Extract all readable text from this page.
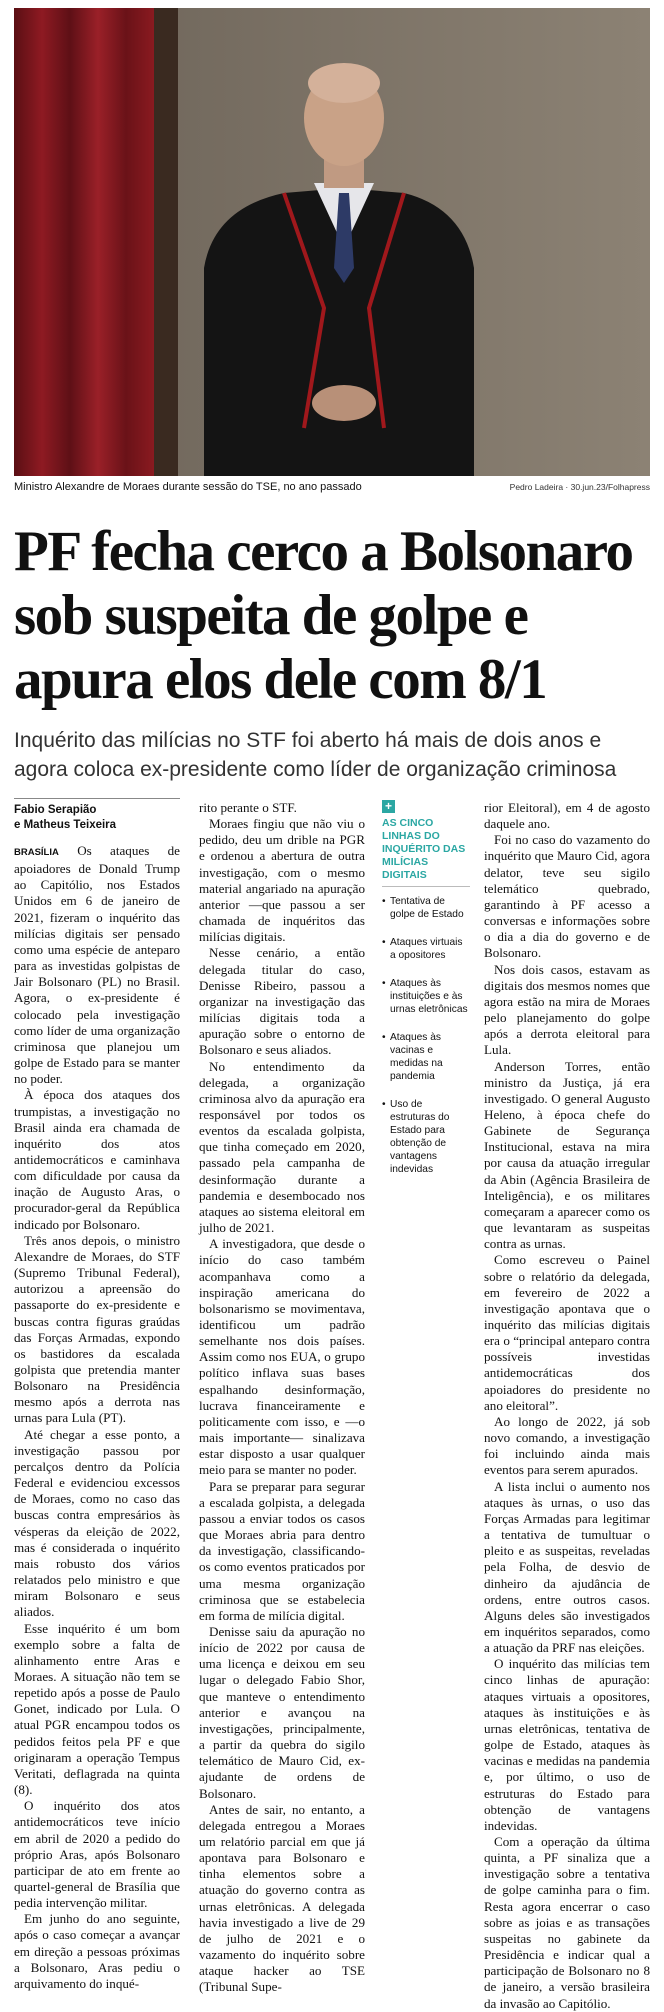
Ministro Alexandre de Moraes durante sessão do TSE, no ano passado	Pedro Ladeira · 30.jun.23/Folhapress
PF fecha cerco a Bolsonaro
sob suspeita de golpe e
apura elos dele com 8/1
Inquérito das milícias no STF foi aberto há mais de dois anos e agora coloca ex-presidente como líder de organização criminosa
Fabio Serapião
e Matheus Teixeira

BRASÍLIA Os ataques de apoiadores de Donald Trump ao Capitólio, nos Estados Unidos em 6 de janeiro de 2021, fizeram o inquérito das milícias digitais ser pensado como uma espécie de anteparo para as investidas golpistas de Jair Bolsonaro (PL) no Brasil. Agora, o ex-presidente é colocado pela investigação como líder de uma organização criminosa que planejou um golpe de Estado para se manter no poder.

À época dos ataques dos trumpistas, a investigação no Brasil ainda era chamada de inquérito dos atos antidemocráticos e caminhava com dificuldade por causa da inação de Augusto Aras, o procurador-geral da República indicado por Bolsonaro.

Três anos depois, o ministro Alexandre de Moraes, do STF (Supremo Tribunal Federal), autorizou a apreensão do passaporte do ex-presidente e buscas contra figuras graúdas das Forças Armadas, expondo os bastidores da escalada golpista que pretendia manter Bolsonaro na Presidência mesmo após a derrota nas urnas para Lula (PT).

Até chegar a esse ponto, a investigação passou por percalços dentro da Polícia Federal e evidenciou excessos de Moraes, como no caso das buscas contra empresários às vésperas da eleição de 2022, mas é considerada o inquérito mais robusto dos vários relatados pelo ministro e que miram Bolsonaro e seus aliados.

Esse inquérito é um bom exemplo sobre a falta de alinhamento entre Aras e Moraes. A situação não tem se repetido após a posse de Paulo Gonet, indicado por Lula. O atual PGR encampou todos os pedidos feitos pela PF e que originaram a operação Tempus Veritati, deflagrada na quinta (8).

O inquérito dos atos antidemocráticos teve início em abril de 2020 a pedido do próprio Aras, após Bolsonaro participar de ato em frente ao quartel-general de Brasília que pedia intervenção militar.

Em junho do ano seguinte, após o caso começar a avançar em direção a pessoas próximas a Bolsonaro, Aras pediu o arquivamento do inqué-

rito perante o STF.

Moraes fingiu que não viu o pedido, deu um drible na PGR e ordenou a abertura de outra investigação, com o mesmo material angariado na apuração anterior —que passou a ser chamada de inquéritos das milícias digitais.

Nesse cenário, a então delegada titular do caso, Denisse Ribeiro, passou a organizar na investigação das milícias digitais toda a apuração sobre o entorno de Bolsonaro e seus aliados.

No entendimento da delegada, a organização criminosa alvo da apuração era responsável por todos os eventos da escalada golpista, que tinha começado em 2020, passado pela campanha de desinformação durante a pandemia e desembocado nos ataques ao sistema eleitoral em julho de 2021.

A investigadora, que desde o início do caso também acompanhava como a inspiração americana do bolsonarismo se movimentava, identificou um padrão semelhante nos dois países. Assim como nos EUA, o grupo político inflava suas bases espalhando desinformação, lucrava financeiramente e politicamente com isso, e —o mais importante— sinalizava estar disposto a usar qualquer meio para se manter no poder.

Para se preparar para segurar a escalada golpista, a delegada passou a enviar todos os casos que Moraes abria para dentro da investigação, classificando-os como eventos praticados por uma mesma organização criminosa que se estabelecia em forma de milícia digital.

Denisse saiu da apuração no início de 2022 por causa de uma licença e deixou em seu lugar o delegado Fabio Shor, que manteve o entendimento anterior e avançou na investigações, principalmente, a partir da quebra do sigilo telemático de Mauro Cid, ex-ajudante de ordens de Bolsonaro.

Antes de sair, no entanto, a delegada entregou a Moraes um relatório parcial em que já apontava para Bolsonaro e tinha elementos sobre a atuação do governo contra as urnas eletrônicas. A delegada havia investigado a live de 29 de julho de 2021 e o vazamento do inquérito sobre ataque hacker ao TSE (Tribunal Supe-

+
AS CINCO LINHAS DO INQUÉRITO DAS MILÍCIAS DIGITAIS
• Tentativa de golpe de Estado
• Ataques virtuais a opositores
• Ataques às instituições e às urnas eletrônicas
• Ataques às vacinas e medidas na pandemia
• Uso de estruturas do Estado para obtenção de vantagens indevidas

rior Eleitoral), em 4 de agosto daquele ano.

Foi no caso do vazamento do inquérito que Mauro Cid, agora delator, teve seu sigilo telemático quebrado, garantindo à PF acesso a conversas e informações sobre o dia a dia do governo e de Bolsonaro.

Nos dois casos, estavam as digitais dos mesmos nomes que agora estão na mira de Moraes pelo planejamento do golpe após a derrota eleitoral para Lula.

Anderson Torres, então ministro da Justiça, já era investigado. O general Augusto Heleno, à época chefe do Gabinete de Segurança Institucional, estava na mira por causa da atuação irregular da Abin (Agência Brasileira de Inteligência), e os militares começaram a aparecer como os que levantaram as suspeitas contra as urnas.

Como escreveu o Painel sobre o relatório da delegada, em fevereiro de 2022 a investigação apontava que o inquérito das milícias digitais era o “principal anteparo contra possíveis investidas antidemocráticas dos apoiadores do presidente no ano eleitoral”.

Ao longo de 2022, já sob novo comando, a investigação foi incluindo ainda mais eventos para serem apurados.

A lista inclui o aumento nos ataques às urnas, o uso das Forças Armadas para legitimar a tentativa de tumultuar o pleito e as suspeitas, reveladas pela Folha, de desvio de dinheiro da ajudância de ordens, entre outros casos. Alguns deles são investigados em inquéritos separados, como a atuação da PRF nas eleições.

O inquérito das milícias tem cinco linhas de apuração: ataques virtuais a opositores, ataques às instituições e às urnas eletrônicas, tentativa de golpe de Estado, ataques às vacinas e medidas na pandemia e, por último, o uso de estruturas do Estado para obtenção de vantagens indevidas.

Com a operação da última quinta, a PF sinaliza que a investigação sobre a tentativa de golpe caminha para o fim. Resta agora encerrar o caso sobre as joias e as transações suspeitas no gabinete da Presidência e indicar qual a participação de Bolsonaro no 8 de janeiro, a versão brasileira da invasão ao Capitólio.
